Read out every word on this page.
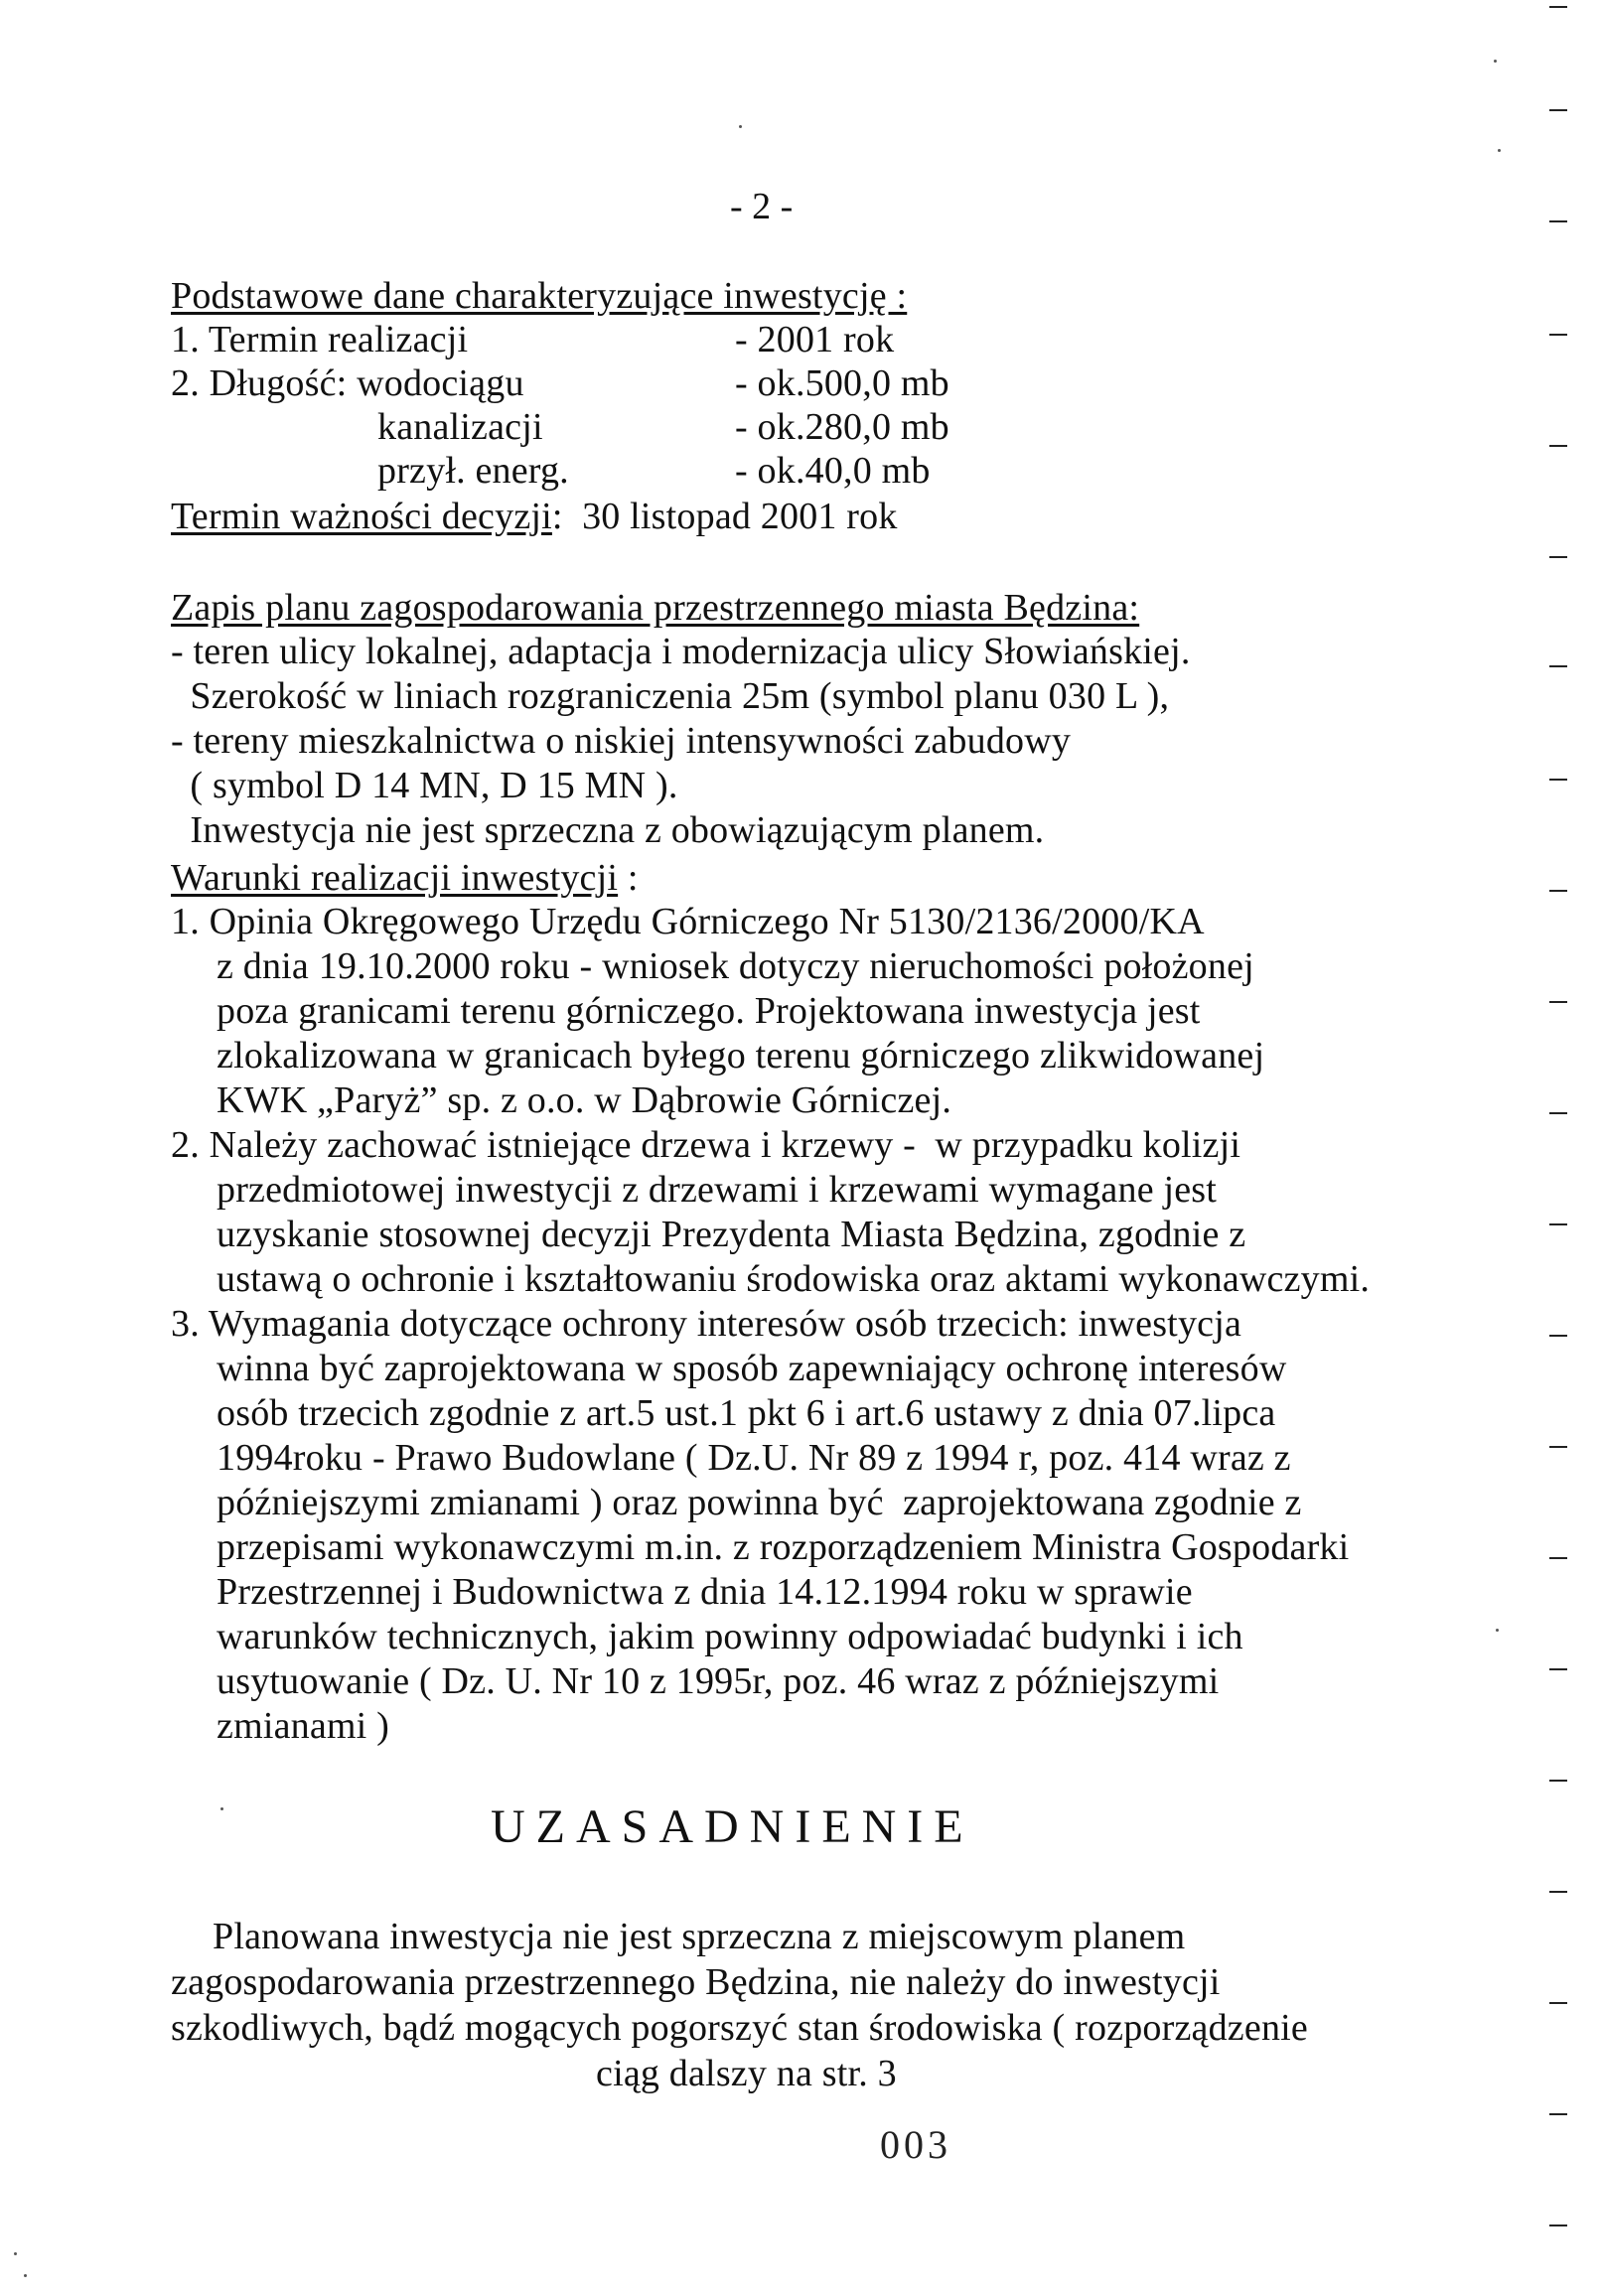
- 2 -
Podstawowe dane charakteryzujące inwestycję :
1. Termin realizacji	- 2001 rok
2. Długość: wodociągu	- ok.500,0 mb
kanalizacji	- ok.280,0 mb
przył. energ.	- ok.40,0 mb
Termin ważności decyzji:  30 listopad 2001 rok
Zapis planu zagospodarowania przestrzennego miasta Będzina:
- teren ulicy lokalnej, adaptacja i modernizacja ulicy Słowiańskiej.
Szerokość w liniach rozgraniczenia 25m (symbol planu 030 L ),
- tereny mieszkalnictwa o niskiej intensywności zabudowy
( symbol D 14 MN, D 15 MN ).
Inwestycja nie jest sprzeczna z obowiązującym planem.
Warunki realizacji inwestycji :
1. Opinia Okręgowego Urzędu Górniczego Nr 5130/2136/2000/KA
z dnia 19.10.2000 roku - wniosek dotyczy nieruchomości położonej
poza granicami terenu górniczego. Projektowana inwestycja jest
zlokalizowana w granicach byłego terenu górniczego zlikwidowanej
KWK „Paryż” sp. z o.o. w Dąbrowie Górniczej.
2. Należy zachować istniejące drzewa i krzewy -  w przypadku kolizji
przedmiotowej inwestycji z drzewami i krzewami wymagane jest
uzyskanie stosownej decyzji Prezydenta Miasta Będzina, zgodnie z
ustawą o ochronie i kształtowaniu środowiska oraz aktami wykonawczymi.
3. Wymagania dotyczące ochrony interesów osób trzecich: inwestycja
winna być zaprojektowana w sposób zapewniający ochronę interesów
osób trzecich zgodnie z art.5 ust.1 pkt 6 i art.6 ustawy z dnia 07.lipca
1994roku - Prawo Budowlane ( Dz.U. Nr 89 z 1994 r, poz. 414 wraz z
późniejszymi zmianami ) oraz powinna być  zaprojektowana zgodnie z
przepisami wykonawczymi m.in. z rozporządzeniem Ministra Gospodarki
Przestrzennej i Budownictwa z dnia 14.12.1994 roku w sprawie
warunków technicznych, jakim powinny odpowiadać budynki i ich
usytuowanie ( Dz. U. Nr 10 z 1995r, poz. 46 wraz z późniejszymi
zmianami )
UZASADNIENIE
Planowana inwestycja nie jest sprzeczna z miejscowym planem
zagospodarowania przestrzennego Będzina, nie należy do inwestycji
szkodliwych, bądź mogących pogorszyć stan środowiska ( rozporządzenie
ciąg dalszy na str. 3
003
